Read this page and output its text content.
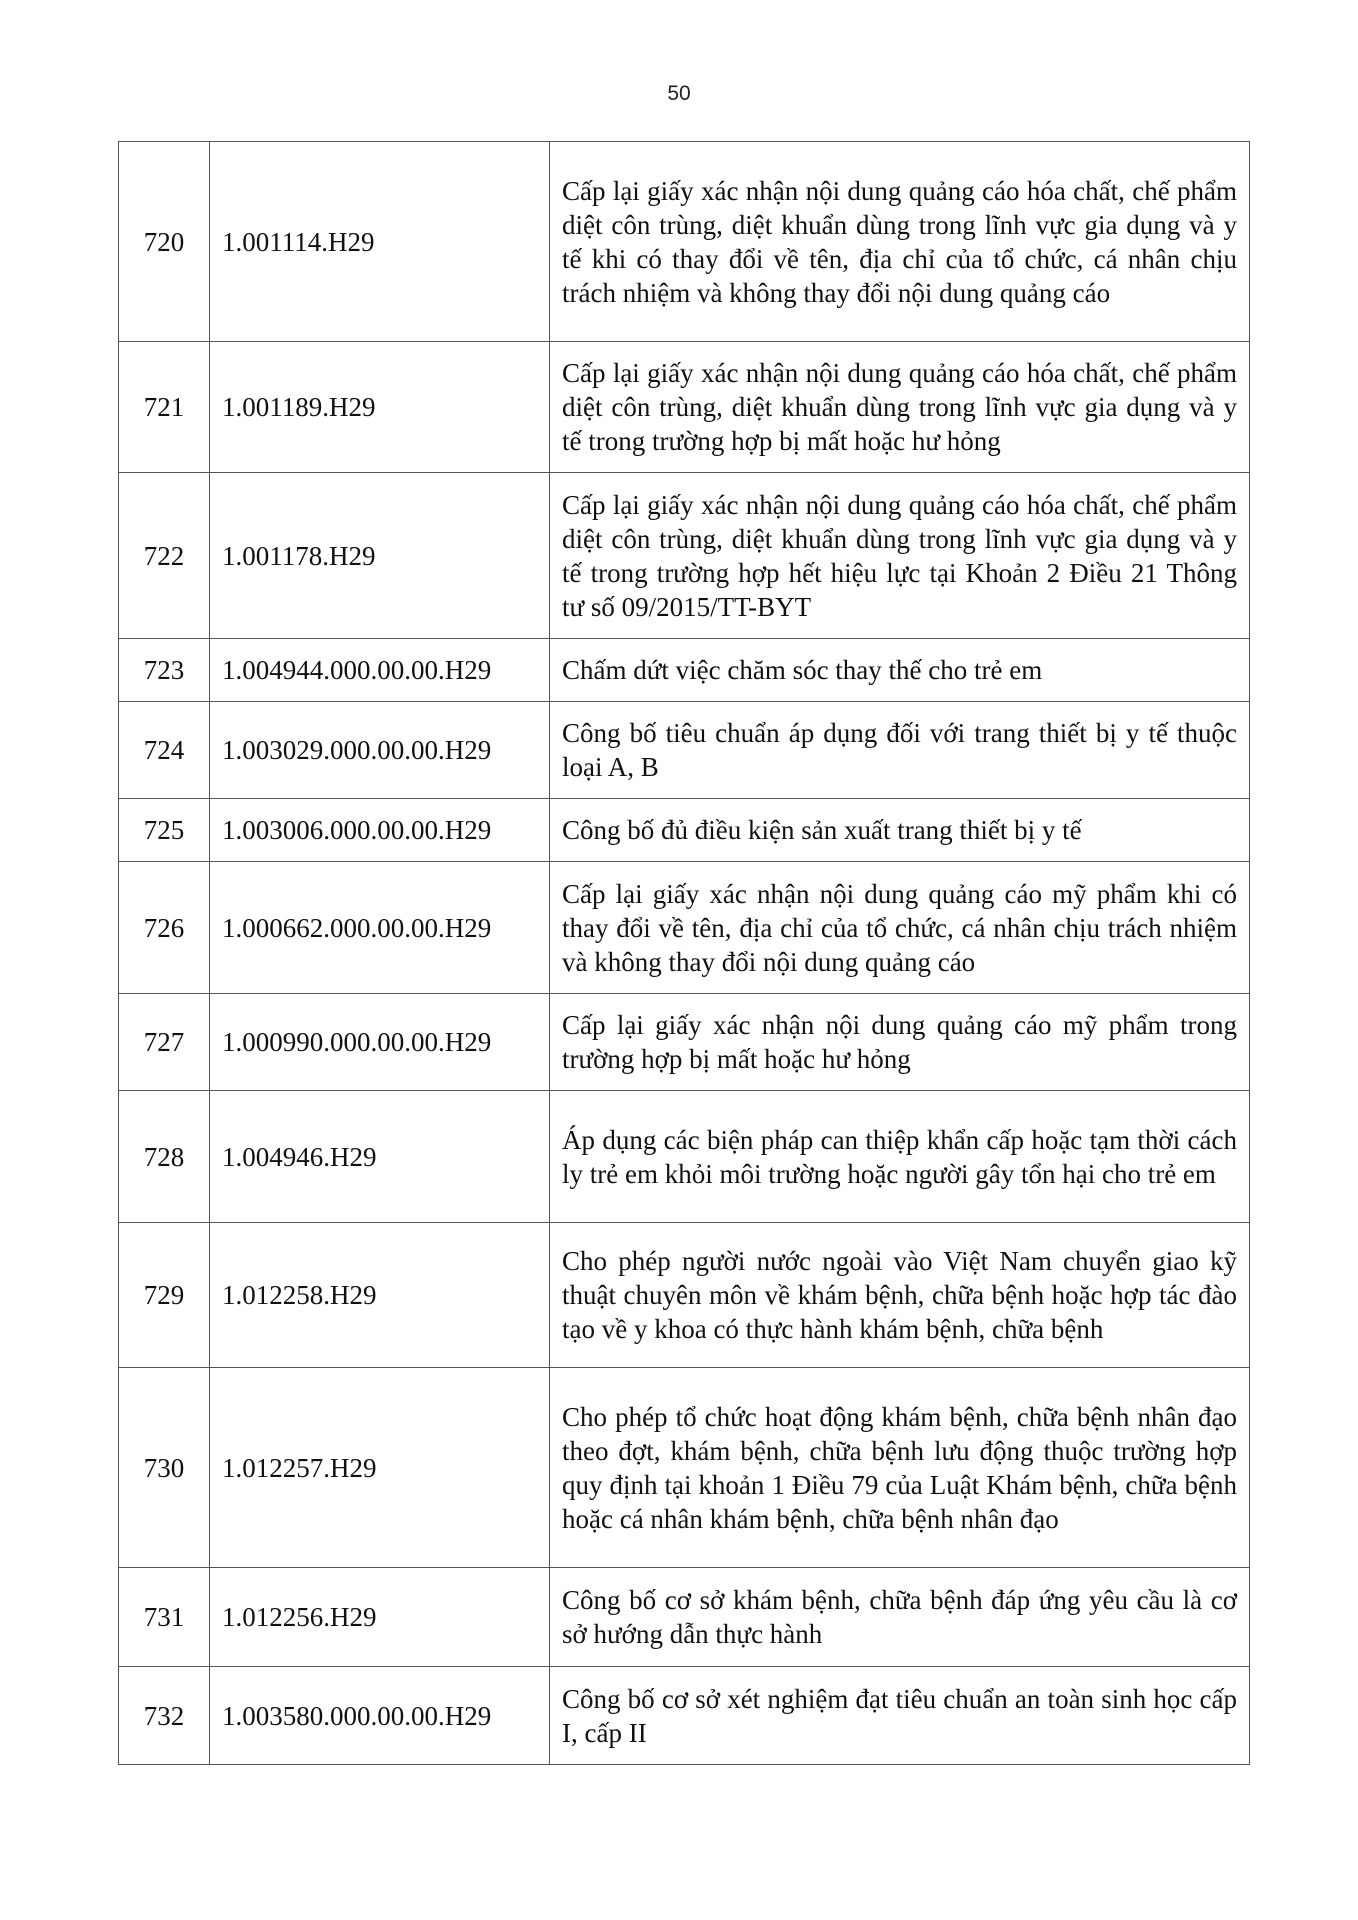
50
720	1.001114.H29	Cấp lại giấy xác nhận nội dung quảng cáo hóa chất, chế phẩm diệt côn trùng, diệt khuẩn dùng trong lĩnh vực gia dụng và y tế khi có thay đổi về tên, địa chỉ của tổ chức, cá nhân chịu trách nhiệm và không thay đổi nội dung quảng cáo
721	1.001189.H29	Cấp lại giấy xác nhận nội dung quảng cáo hóa chất, chế phẩm diệt côn trùng, diệt khuẩn dùng trong lĩnh vực gia dụng và y tế trong trường hợp bị mất hoặc hư hỏng
722	1.001178.H29	Cấp lại giấy xác nhận nội dung quảng cáo hóa chất, chế phẩm diệt côn trùng, diệt khuẩn dùng trong lĩnh vực gia dụng và y tế trong trường hợp hết hiệu lực tại Khoản 2 Điều 21 Thông tư số 09/2015/TT-BYT
723	1.004944.000.00.00.H29	Chấm dứt việc chăm sóc thay thế cho trẻ em
724	1.003029.000.00.00.H29	Công bố tiêu chuẩn áp dụng đối với trang thiết bị y tế thuộc loại A, B
725	1.003006.000.00.00.H29	Công bố đủ điều kiện sản xuất trang thiết bị y tế
726	1.000662.000.00.00.H29	Cấp lại giấy xác nhận nội dung quảng cáo mỹ phẩm khi có thay đổi về tên, địa chỉ của tổ chức, cá nhân chịu trách nhiệm và không thay đổi nội dung quảng cáo
727	1.000990.000.00.00.H29	Cấp lại giấy xác nhận nội dung quảng cáo mỹ phẩm trong trường hợp bị mất hoặc hư hỏng
728	1.004946.H29	Áp dụng các biện pháp can thiệp khẩn cấp hoặc tạm thời cách ly trẻ em khỏi môi trường hoặc người gây tổn hại cho trẻ em
729	1.012258.H29	Cho phép người nước ngoài vào Việt Nam chuyển giao kỹ thuật chuyên môn về khám bệnh, chữa bệnh hoặc hợp tác đào tạo về y khoa có thực hành khám bệnh, chữa bệnh
730	1.012257.H29	Cho phép tổ chức hoạt động khám bệnh, chữa bệnh nhân đạo theo đợt, khám bệnh, chữa bệnh lưu động thuộc trường hợp quy định tại khoản 1 Điều 79 của Luật Khám bệnh, chữa bệnh hoặc cá nhân khám bệnh, chữa bệnh nhân đạo
731	1.012256.H29	Công bố cơ sở khám bệnh, chữa bệnh đáp ứng yêu cầu là cơ sở hướng dẫn thực hành
732	1.003580.000.00.00.H29	Công bố cơ sở xét nghiệm đạt tiêu chuẩn an toàn sinh học cấp I, cấp II
